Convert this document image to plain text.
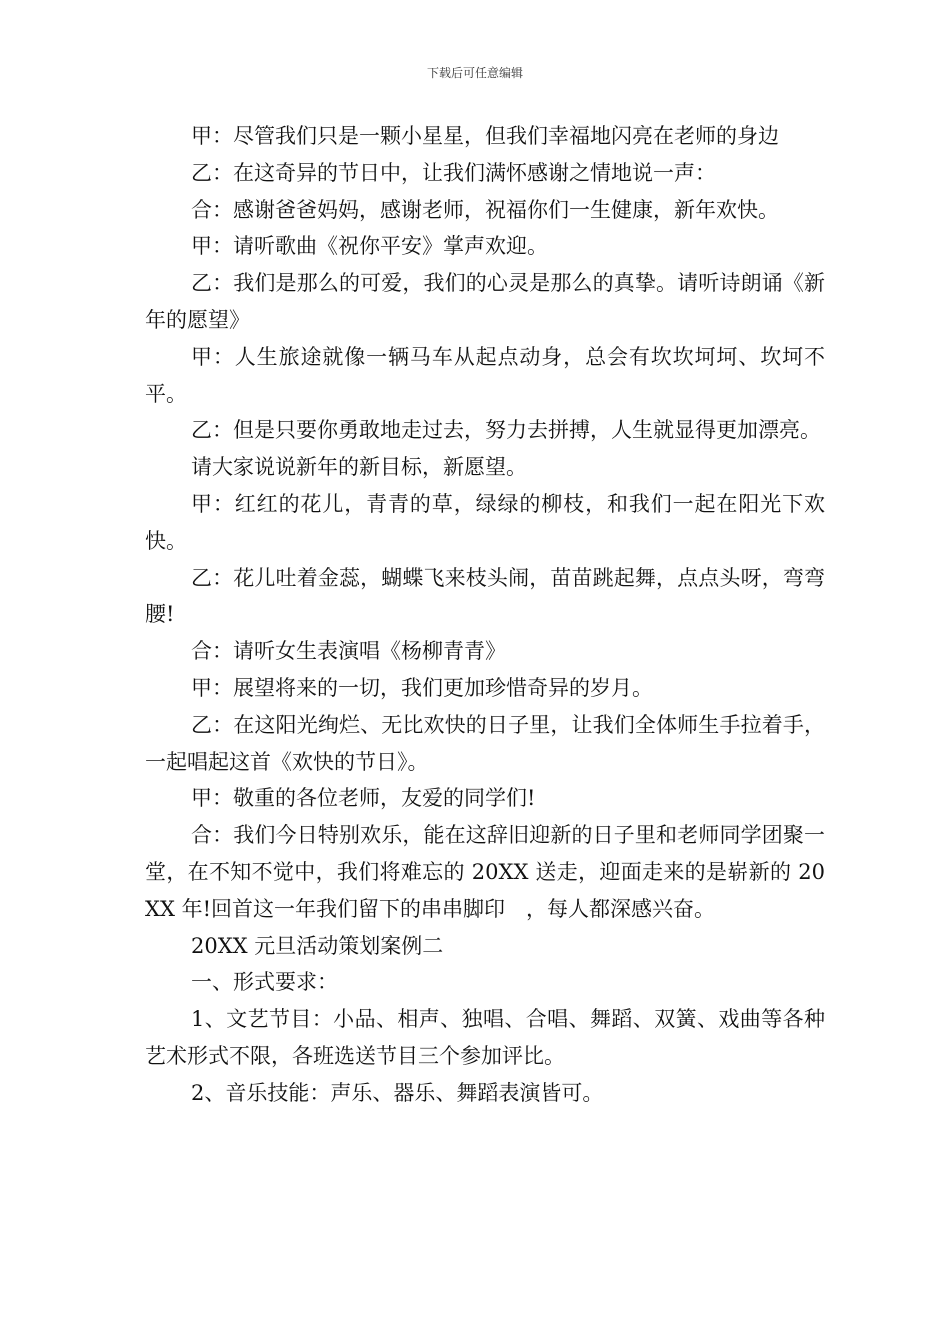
下载后可任意编辑

甲：尽管我们只是一颗小星星，但我们幸福地闪亮在老师的身边

乙：在这奇异的节日中，让我们满怀感谢之情地说一声：

合：感谢爸爸妈妈，感谢老师，祝福你们一生健康，新年欢快。

甲：请听歌曲《祝你平安》掌声欢迎。

乙：我们是那么的可爱，我们的心灵是那么的真挚。请听诗朗诵《新年的愿望》

甲：人生旅途就像一辆马车从起点动身，总会有坎坎坷坷、坎坷不平。

乙：但是只要你勇敢地走过去，努力去拼搏，人生就显得更加漂亮。

请大家说说新年的新目标，新愿望。

甲：红红的花儿，青青的草，绿绿的柳枝，和我们一起在阳光下欢快。

乙：花儿吐着金蕊，蝴蝶飞来枝头闹，苗苗跳起舞，点点头呀，弯弯腰!

合：请听女生表演唱《杨柳青青》

甲：展望将来的一切，我们更加珍惜奇异的岁月。

乙：在这阳光绚烂、无比欢快的日子里，让我们全体师生手拉着手，一起唱起这首《欢快的节日》。

甲：敬重的各位老师，友爱的同学们!

合：我们今日特别欢乐，能在这辞旧迎新的日子里和老师同学团聚一堂，在不知不觉中，我们将难忘的 20XX 送走，迎面走来的是崭新的 20XX 年!回首这一年我们留下的串串脚印　，每人都深感兴奋。

20XX 元旦活动策划案例二

一、形式要求：

1、文艺节目：小品、相声、独唱、合唱、舞蹈、双簧、戏曲等各种艺术形式不限，各班选送节目三个参加评比。

2、音乐技能：声乐、器乐、舞蹈表演皆可。
